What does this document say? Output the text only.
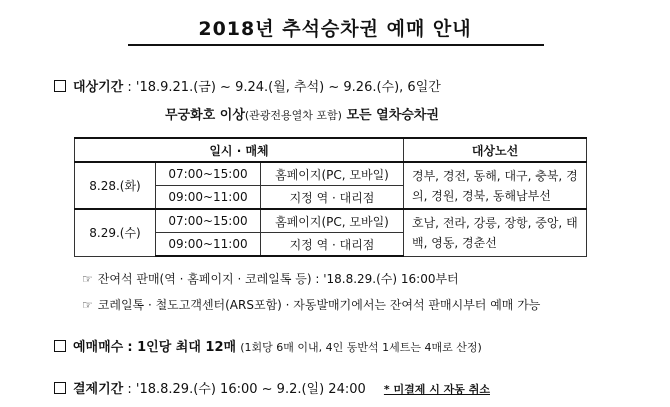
2018년 추석승차권 예매 안내
대상기간 : '18.9.21.(금) ~ 9.24.(월, 추석) ~ 9.26.(수), 6일간
무궁화호 이상(관광전용열차 포함) 모든 열차승차권
일시 · 매체			대상노선
8.28.(화)	07:00~15:00	홈페이지(PC, 모바일)	경부, 경전, 동해, 대구, 충북, 경의, 경원, 경북, 동해남부선
	09:00~11:00	지정 역 · 대리점	
8.29.(수)	07:00~15:00	홈페이지(PC, 모바일)	호남, 전라, 강릉, 장항, 중앙, 태백, 영동, 경춘선
	09:00~11:00	지정 역 · 대리점	
☞ 잔여석 판매(역 · 홈페이지 · 코레일톡 등) : '18.8.29.(수) 16:00부터
☞ 코레일톡 · 철도고객센터(ARS포함) · 자동발매기에서는 잔여석 판매시부터 예매 가능
예매매수 : 1인당 최대 12매 (1회당 6매 이내, 4인 동반석 1세트는 4매로 산정)
결제기간 : '18.8.29.(수) 16:00 ~ 9.2.(일) 24:00 * 미결제 시 자동 취소
